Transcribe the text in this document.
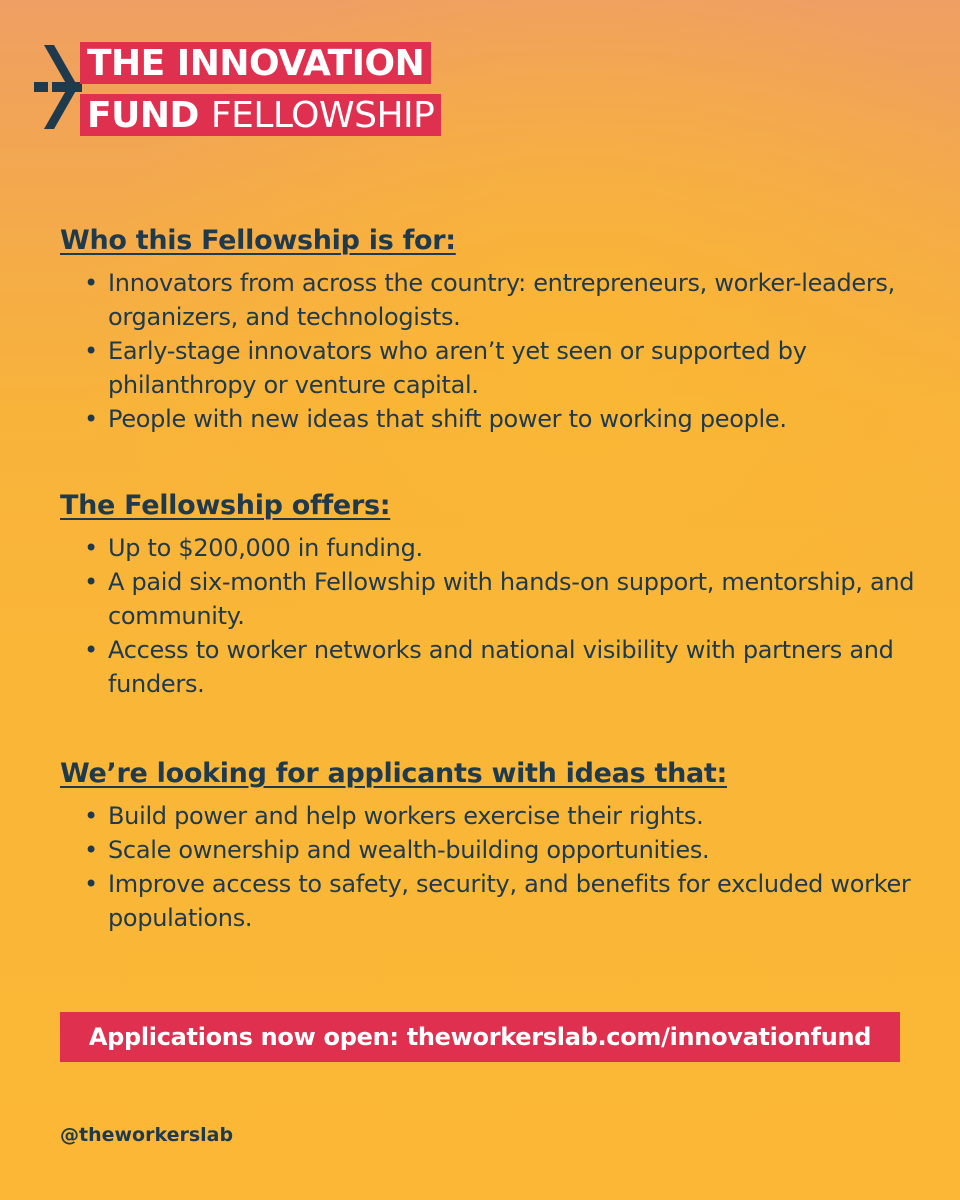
THE INNOVATION
FUND FELLOWSHIP
Who this Fellowship is for:
• Innovators from across the country: entrepreneurs, worker-leaders, organizers, and technologists.
• Early-stage innovators who aren’t yet seen or supported by philanthropy or venture capital.
• People with new ideas that shift power to working people.
The Fellowship offers:
• Up to $200,000 in funding.
• A paid six-month Fellowship with hands-on support, mentorship, and community.
• Access to worker networks and national visibility with partners and funders.
We’re looking for applicants with ideas that:
• Build power and help workers exercise their rights.
• Scale ownership and wealth-building opportunities.
• Improve access to safety, security, and benefits for excluded worker populations.
Applications now open: theworkerslab.com/innovationfund
@theworkerslab
